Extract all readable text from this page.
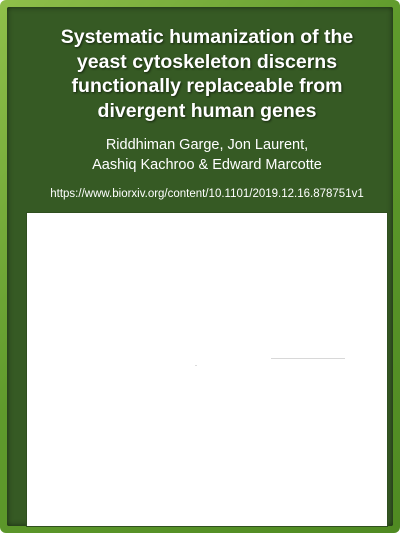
Systematic humanization of the
yeast cytoskeleton discerns
functionally replaceable from
divergent human genes
Riddhiman Garge, Jon Laurent,
Aashiq Kachroo & Edward Marcotte
https://www.biorxiv.org/content/10.1101/2019.12.16.878751v1
